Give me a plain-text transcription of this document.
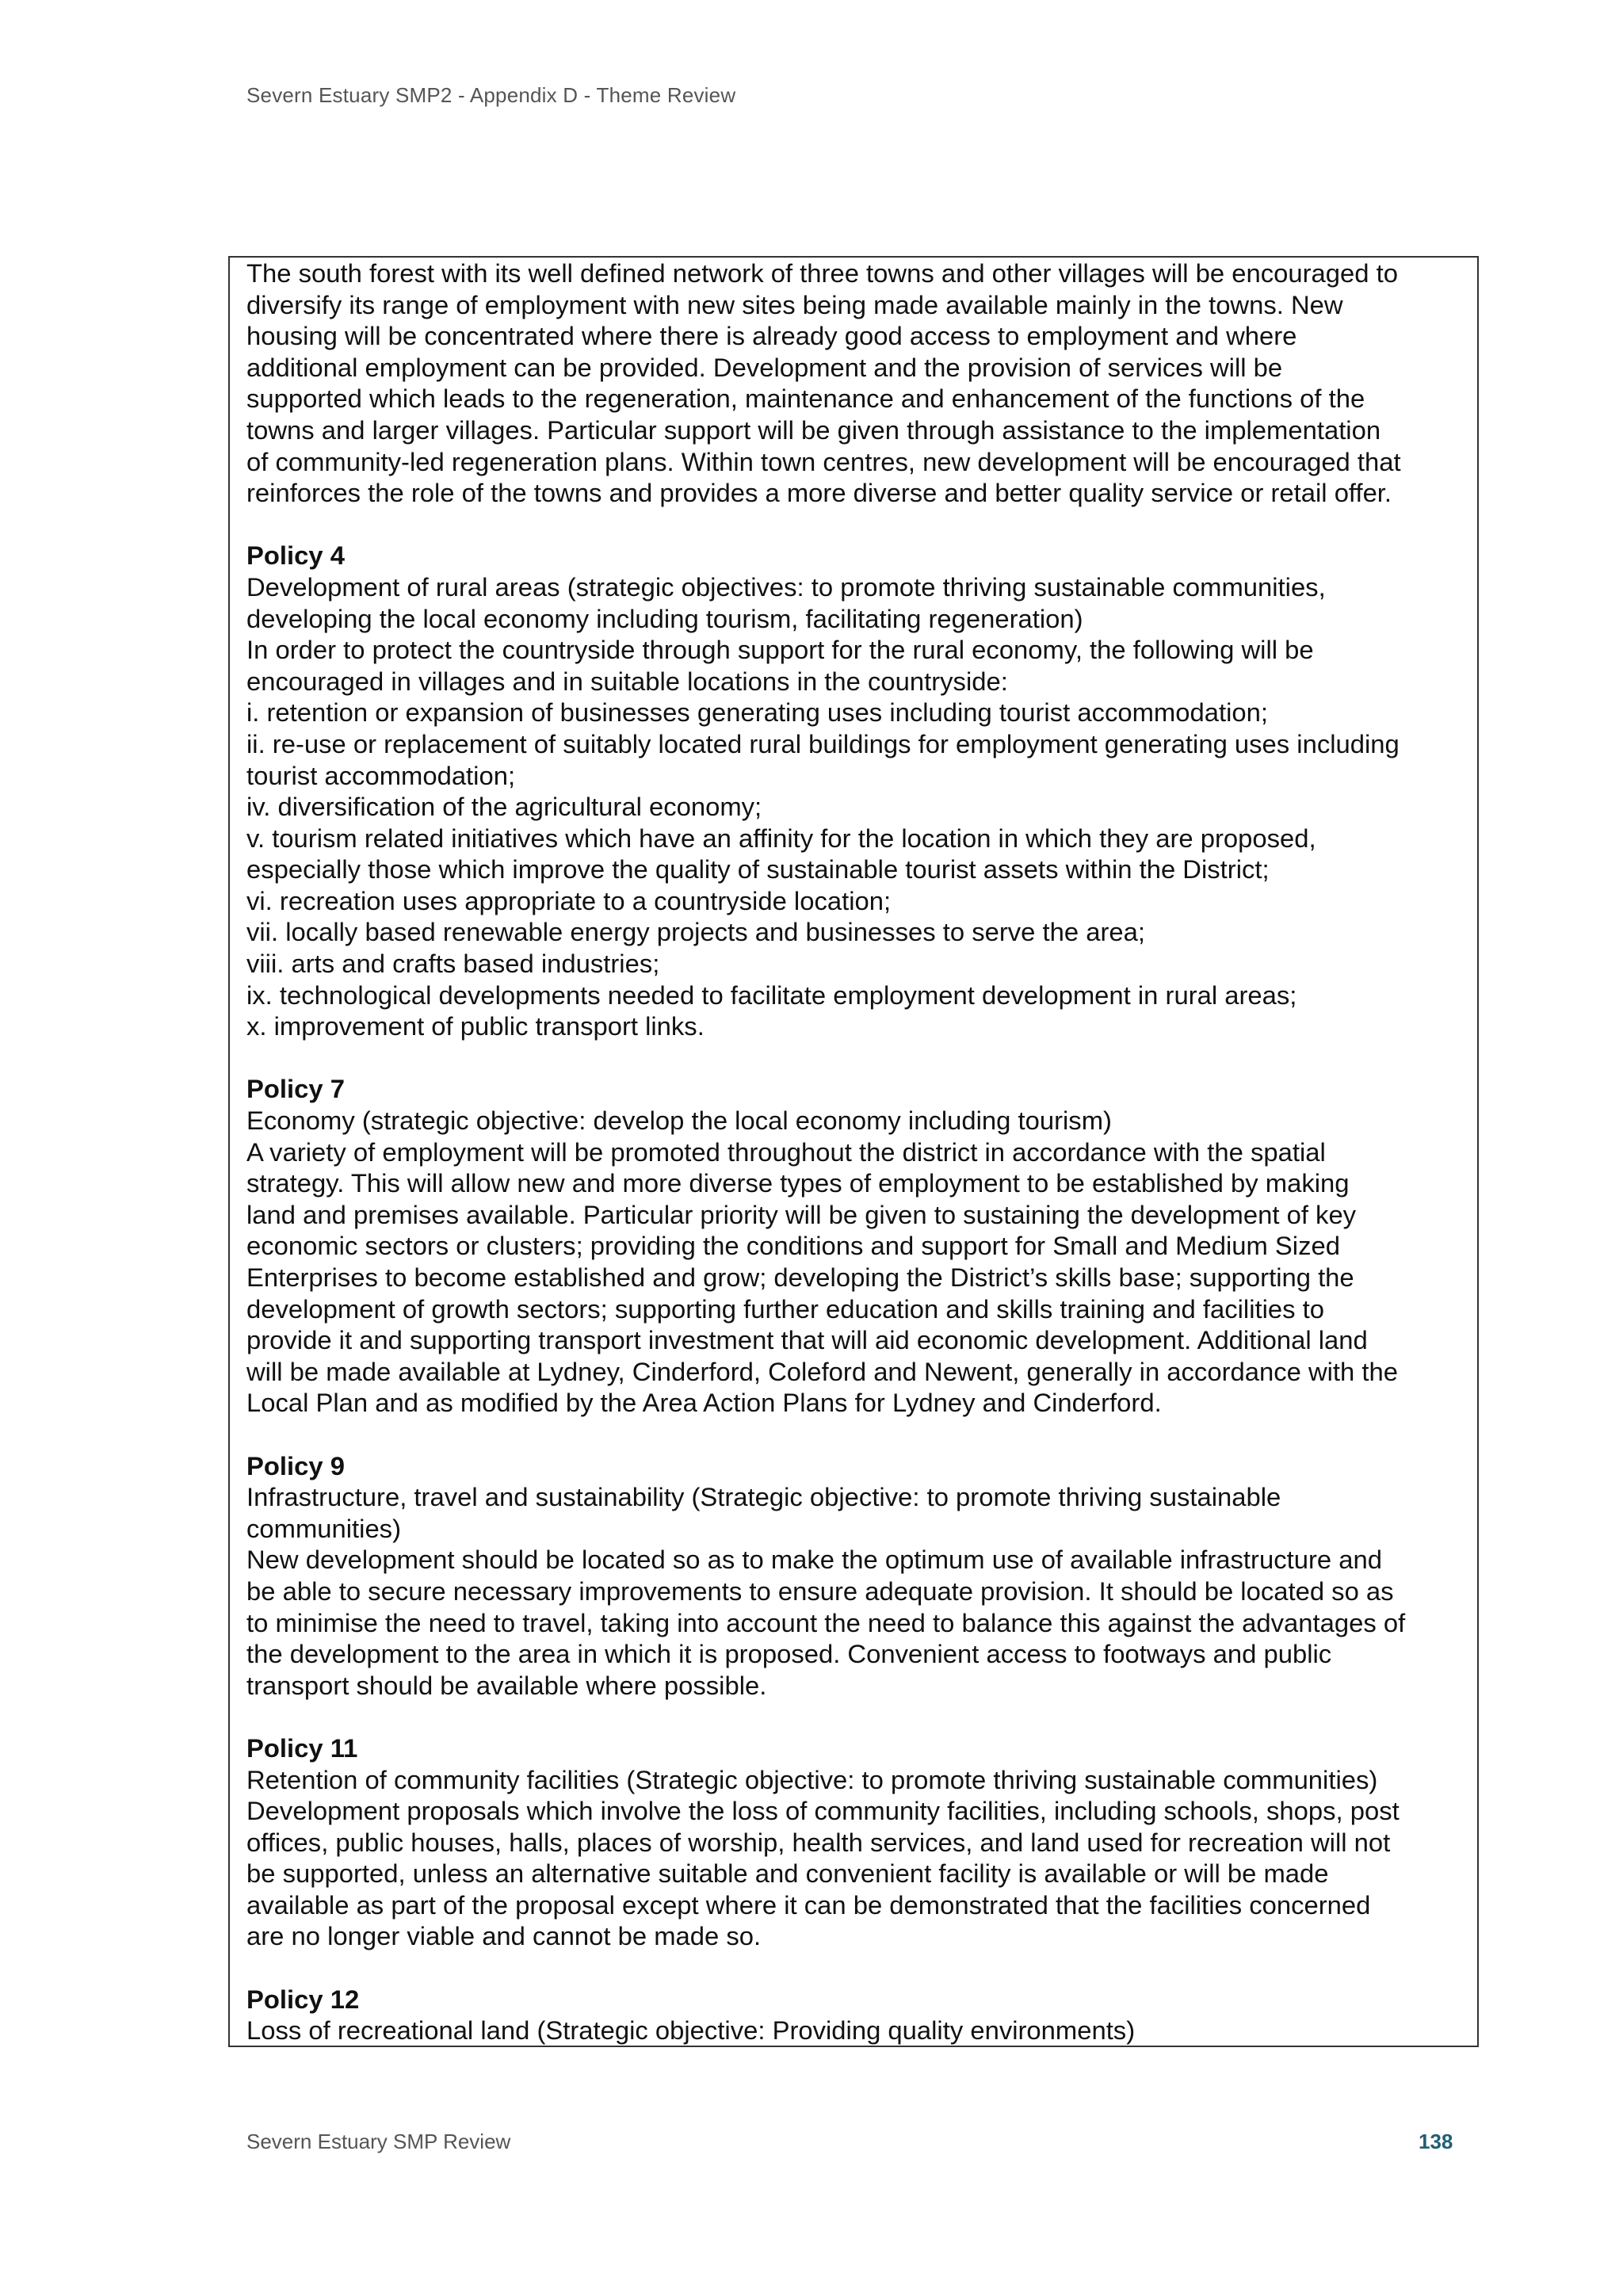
Severn Estuary SMP2 - Appendix D - Theme Review

The south forest with its well defined network of three towns and other villages will be encouraged to

diversify its range of employment with new sites being made available mainly in the towns. New

housing will be concentrated where there is already good access to employment and where

additional employment can be provided. Development and the provision of services will be

supported which leads to the regeneration, maintenance and enhancement of the functions of the

towns and larger villages. Particular support will be given through assistance to the implementation

of community-led regeneration plans. Within town centres, new development will be encouraged that

reinforces the role of the towns and provides a more diverse and better quality service or retail offer.

Policy 4

Development of rural areas (strategic objectives: to promote thriving sustainable communities,

developing the local economy including tourism, facilitating regeneration)

In order to protect the countryside through support for the rural economy, the following will be

encouraged in villages and in suitable locations in the countryside:

i. retention or expansion of businesses generating uses including tourist accommodation;

ii. re-use or replacement of suitably located rural buildings for employment generating uses including

tourist accommodation;

iv. diversification of the agricultural economy;

v. tourism related initiatives which have an affinity for the location in which they are proposed,

especially those which improve the quality of sustainable tourist assets within the District;

vi. recreation uses appropriate to a countryside location;

vii. locally based renewable energy projects and businesses to serve the area;

viii. arts and crafts based industries;

ix. technological developments needed to facilitate employment development in rural areas;

x. improvement of public transport links.

Policy 7

Economy (strategic objective: develop the local economy including tourism)

A variety of employment will be promoted throughout the district in accordance with the spatial

strategy. This will allow new and more diverse types of employment to be established by making

land and premises available. Particular priority will be given to sustaining the development of key

economic sectors or clusters; providing the conditions and support for Small and Medium Sized

Enterprises to become established and grow; developing the District’s skills base; supporting the

development of growth sectors; supporting further education and skills training and facilities to

provide it and supporting transport investment that will aid economic development. Additional land

will be made available at Lydney, Cinderford, Coleford and Newent, generally in accordance with the

Local Plan and as modified by the Area Action Plans for Lydney and Cinderford.

Policy 9

Infrastructure, travel and sustainability (Strategic objective: to promote thriving sustainable

communities)

New development should be located so as to make the optimum use of available infrastructure and

be able to secure necessary improvements to ensure adequate provision. It should be located so as

to minimise the need to travel, taking into account the need to balance this against the advantages of

the development to the area in which it is proposed. Convenient access to footways and public

transport should be available where possible.

Policy 11

Retention of community facilities (Strategic objective: to promote thriving sustainable communities)

Development proposals which involve the loss of community facilities, including schools, shops, post

offices, public houses, halls, places of worship, health services, and land used for recreation will not

be supported, unless an alternative suitable and convenient facility is available or will be made

available as part of the proposal except where it can be demonstrated that the facilities concerned

are no longer viable and cannot be made so.

Policy 12

Loss of recreational land (Strategic objective: Providing quality environments)

Severn Estuary SMP Review	138
